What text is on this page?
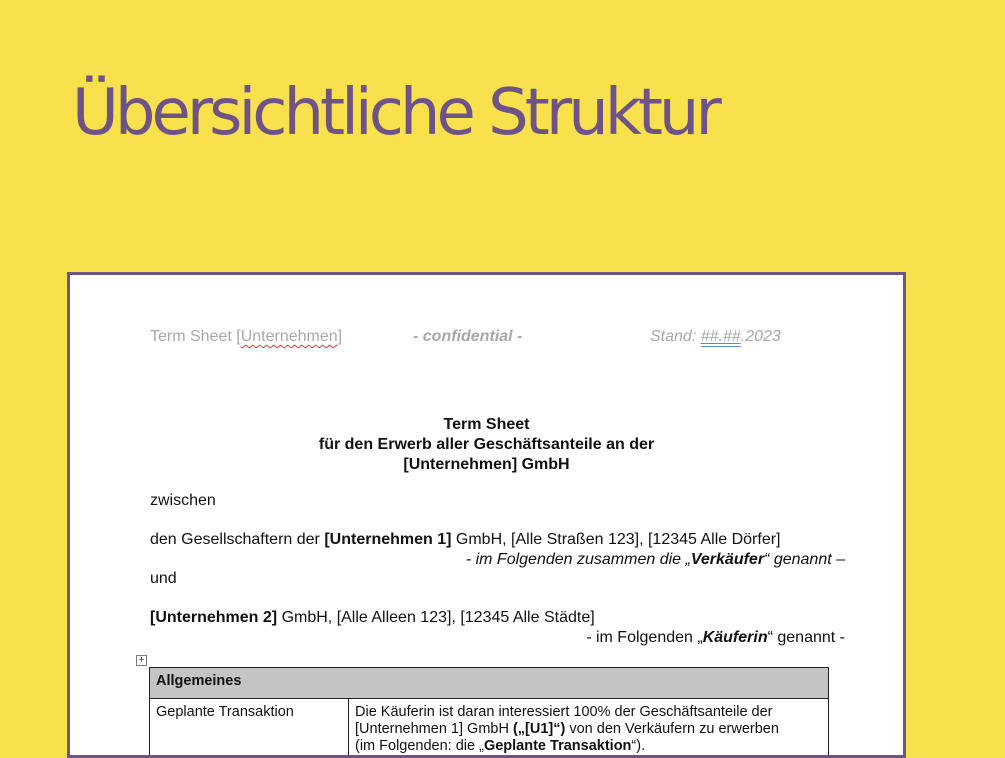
Übersichtliche Struktur
Term Sheet [Unternehmen]	- confidential -	Stand: ##.##.2023
Term Sheet
für den Erwerb aller Geschäftsanteile an der
[Unternehmen] GmbH
zwischen
den Gesellschaftern der [Unternehmen 1] GmbH, [Alle Straßen 123], [12345 Alle Dörfer]
- im Folgenden zusammen die „Verkäufer“ genannt –
und
[Unternehmen 2] GmbH, [Alle Alleen 123], [12345 Alle Städte]
- im Folgenden „Käuferin“ genannt -
+
Allgemeines
Geplante Transaktion	Die Käuferin ist daran interessiert 100% der Geschäftsanteile der
[Unternehmen 1] GmbH („[U1]“) von den Verkäufern zu erwerben
(im Folgenden: die „Geplante Transaktion“).
